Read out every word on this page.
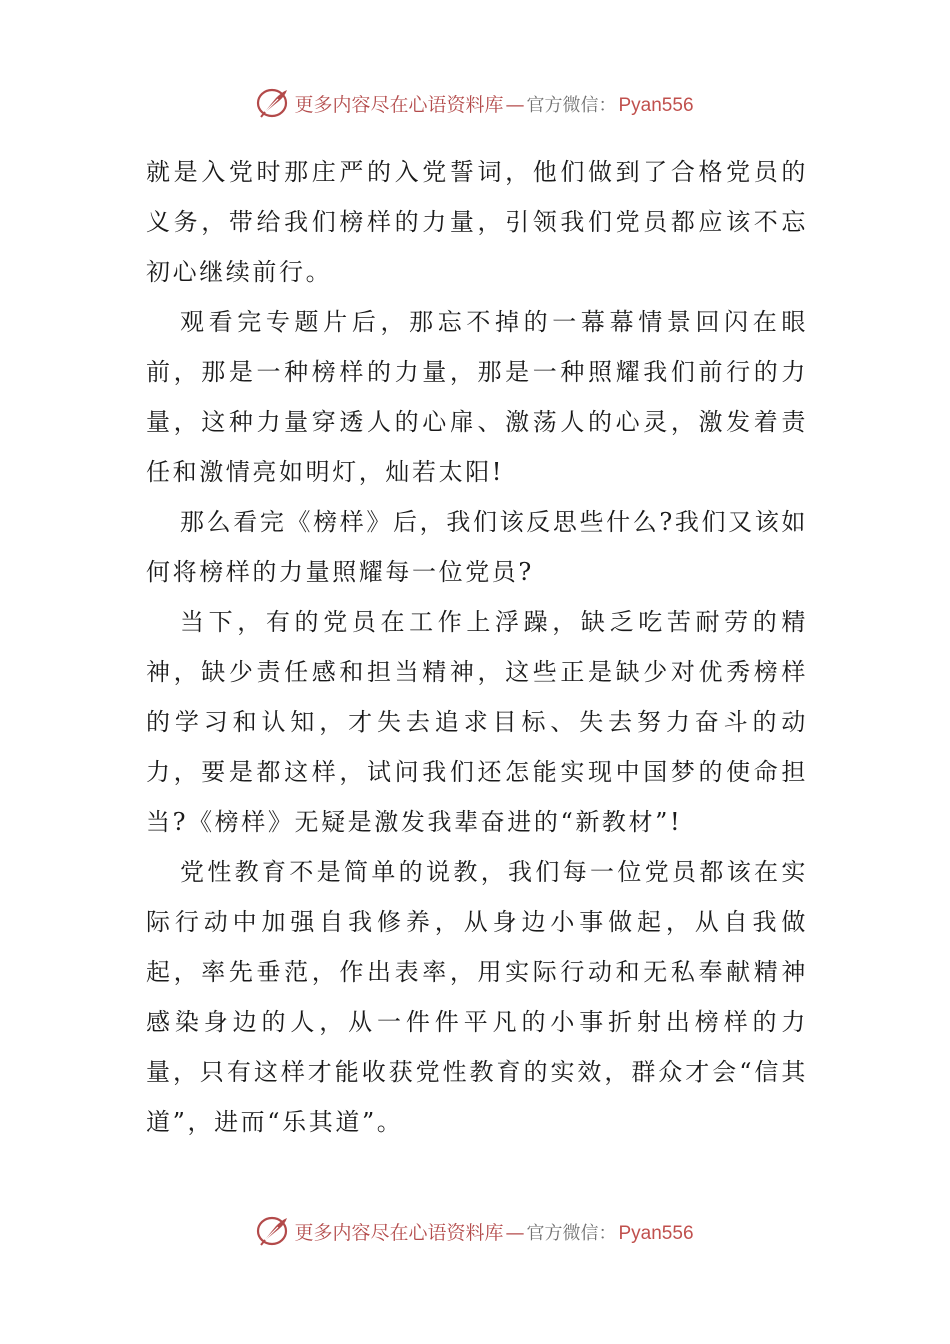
更多内容尽在心语资料库 — 官方微信： Pyan556

就是入党时那庄严的入党誓词，他们做到了合格党员的义务，带给我们榜样的力量，引领我们党员都应该不忘初心继续前行。

观看完专题片后，那忘不掉的一幕幕情景回闪在眼前，那是一种榜样的力量，那是一种照耀我们前行的力量，这种力量穿透人的心扉、激荡人的心灵，激发着责任和激情亮如明灯，灿若太阳!

那么看完《榜样》后，我们该反思些什么?我们又该如何将榜样的力量照耀每一位党员?

当下，有的党员在工作上浮躁，缺乏吃苦耐劳的精神，缺少责任感和担当精神，这些正是缺少对优秀榜样的学习和认知，才失去追求目标、失去努力奋斗的动力，要是都这样，试问我们还怎能实现中国梦的使命担当?《榜样》无疑是激发我辈奋进的“新教材”!

党性教育不是简单的说教，我们每一位党员都该在实际行动中加强自我修养，从身边小事做起，从自我做起，率先垂范，作出表率，用实际行动和无私奉献精神感染身边的人，从一件件平凡的小事折射出榜样的力量，只有这样才能收获党性教育的实效，群众才会“信其道”，进而“乐其道”。

更多内容尽在心语资料库 — 官方微信： Pyan556
